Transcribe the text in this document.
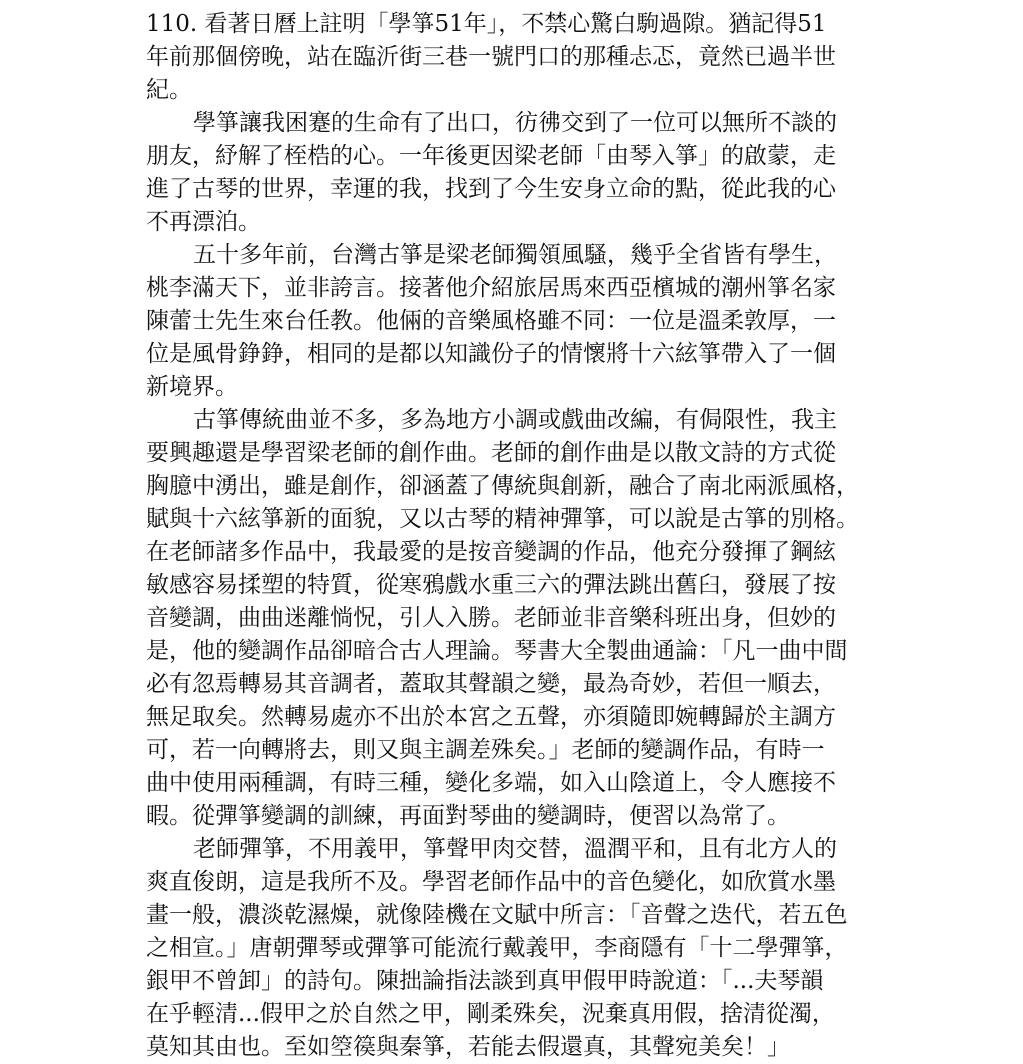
110. 看著日曆上註明「學箏51年」，不禁心驚白駒過隙。猶記得51
年前那個傍晚，站在臨沂街三巷一號門口的那種忐忑，竟然已過半世
紀。
學箏讓我困蹇的生命有了出口，彷彿交到了一位可以無所不談的
朋友，紓解了桎梏的心。一年後更因梁老師「由琴入箏」的啟蒙，走
進了古琴的世界，幸運的我，找到了今生安身立命的點，從此我的心
不再漂泊。
五十多年前，台灣古箏是梁老師獨領風騷，幾乎全省皆有學生，
桃李滿天下，並非誇言。接著他介紹旅居馬來西亞檳城的潮州箏名家
陳蕾士先生來台任教。他倆的音樂風格雖不同：一位是溫柔敦厚，一
位是風骨錚錚，相同的是都以知識份子的情懷將十六絃箏帶入了一個
新境界。
古箏傳統曲並不多，多為地方小調或戲曲改編，有侷限性，我主
要興趣還是學習梁老師的創作曲。老師的創作曲是以散文詩的方式從
胸臆中湧出，雖是創作，卻涵蓋了傳統與創新，融合了南北兩派風格，
賦與十六絃箏新的面貌，又以古琴的精神彈箏，可以說是古箏的別格。
在老師諸多作品中，我最愛的是按音變調的作品，他充分發揮了鋼絃
敏感容易揉塑的特質，從寒鴉戲水重三六的彈法跳出舊臼，發展了按
音變調，曲曲迷離惝怳，引人入勝。老師並非音樂科班出身，但妙的
是，他的變調作品卻暗合古人理論。琴書大全製曲通論：「凡一曲中間
必有忽焉轉易其音調者，蓋取其聲韻之變，最為奇妙，若但一順去，
無足取矣。然轉易處亦不出於本宮之五聲，亦須隨即婉轉歸於主調方
可，若一向轉將去，則又與主調差殊矣。」老師的變調作品，有時一
曲中使用兩種調，有時三種，變化多端，如入山陰道上，令人應接不
暇。從彈箏變調的訓練，再面對琴曲的變調時，便習以為常了。
老師彈箏，不用義甲，箏聲甲肉交替，溫潤平和，且有北方人的
爽直俊朗，這是我所不及。學習老師作品中的音色變化，如欣賞水墨
畫一般，濃淡乾濕燥，就像陸機在文賦中所言：「音聲之迭代，若五色
之相宣。」唐朝彈琴或彈箏可能流行戴義甲，李商隱有「十二學彈箏，
銀甲不曾卸」的詩句。陳拙論指法談到真甲假甲時說道：「...夫琴韻
在乎輕清...假甲之於自然之甲，剛柔殊矣，況棄真用假，捨清從濁，
莫知其由也。至如箜篌與秦箏，若能去假還真，其聲宛美矣！」
